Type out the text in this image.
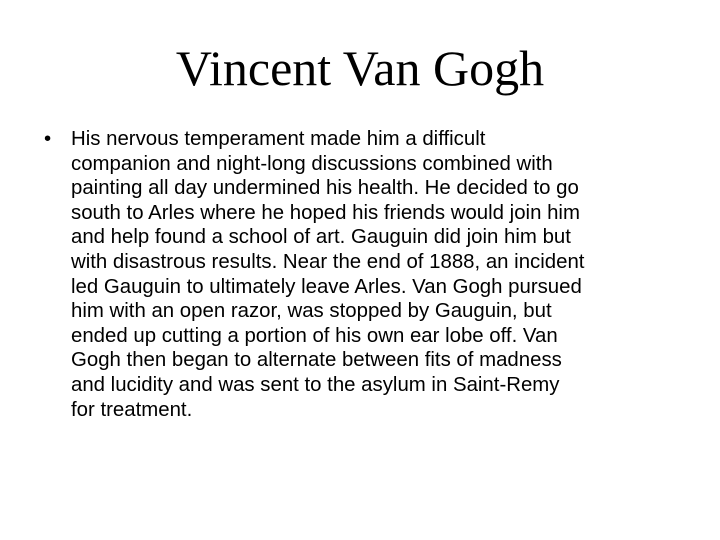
Vincent Van Gogh
• His nervous temperament made him a difficult
companion and night-long discussions combined with
painting all day undermined his health. He decided to go
south to Arles where he hoped his friends would join him
and help found a school of art. Gauguin did join him but
with disastrous results. Near the end of 1888, an incident
led Gauguin to ultimately leave Arles. Van Gogh pursued
him with an open razor, was stopped by Gauguin, but
ended up cutting a portion of his own ear lobe off. Van
Gogh then began to alternate between fits of madness
and lucidity and was sent to the asylum in Saint-Remy
for treatment.
